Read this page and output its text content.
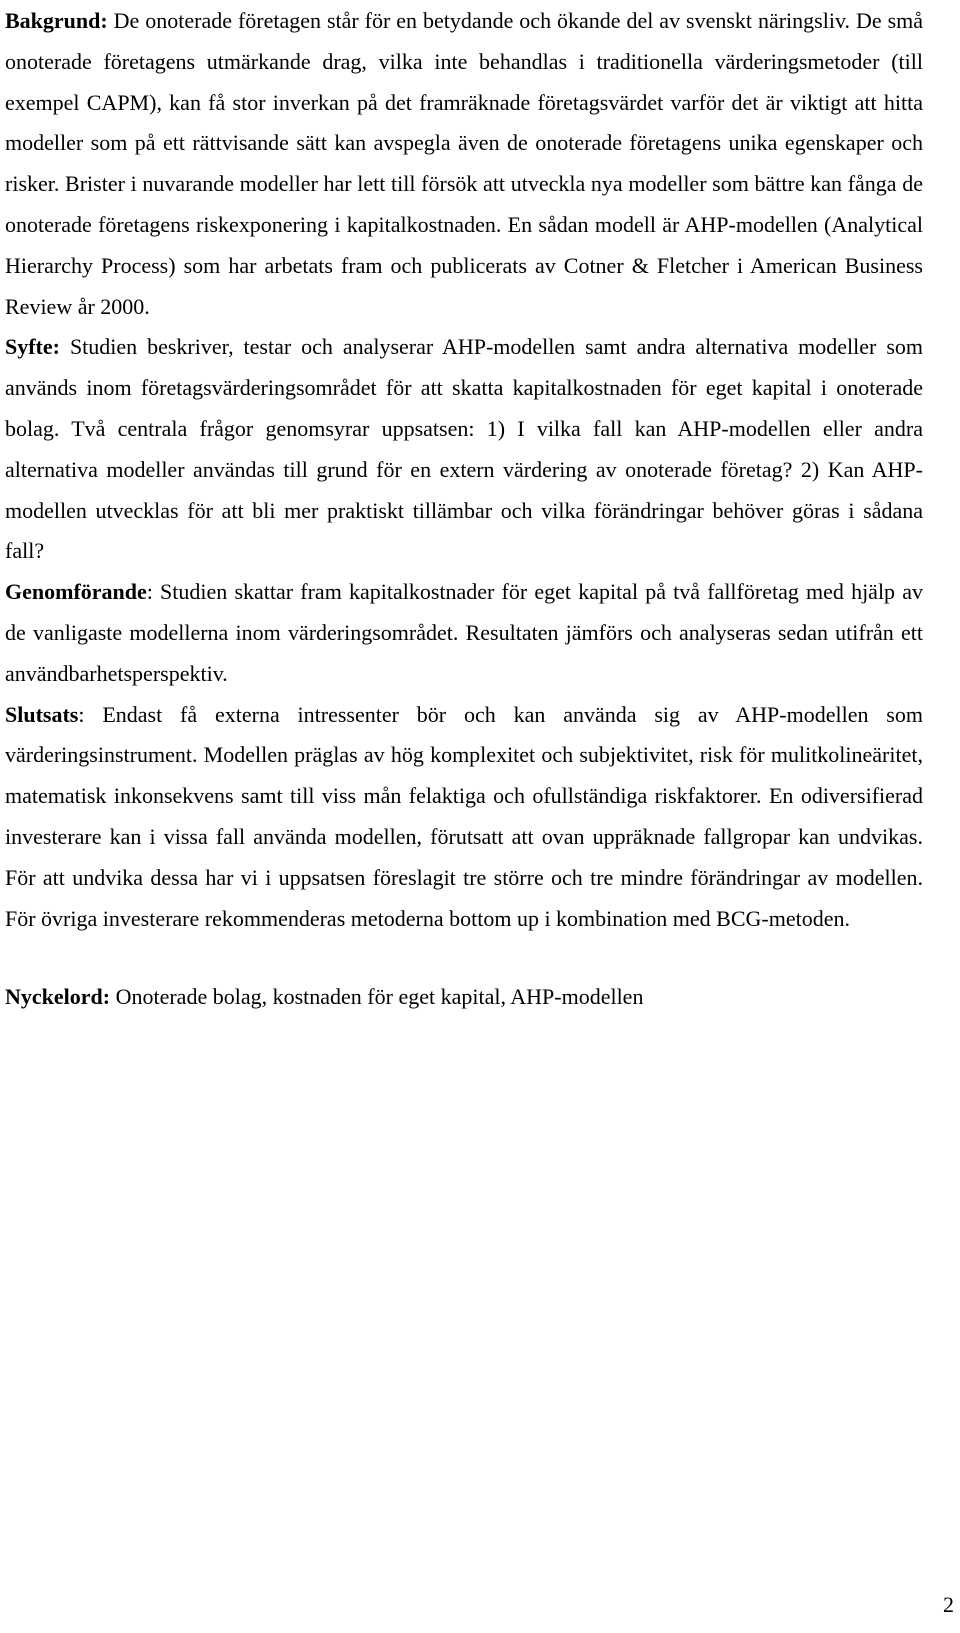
Bakgrund: De onoterade företagen står för en betydande och ökande del av svenskt näringsliv. De små onoterade företagens utmärkande drag, vilka inte behandlas i traditionella värderingsmetoder (till exempel CAPM), kan få stor inverkan på det framräknade företagsvärdet varför det är viktigt att hitta modeller som på ett rättvisande sätt kan avspegla även de onoterade företagens unika egenskaper och risker. Brister i nuvarande modeller har lett till försök att utveckla nya modeller som bättre kan fånga de onoterade företagens riskexponering i kapitalkostnaden. En sådan modell är AHP-modellen (Analytical Hierarchy Process) som har arbetats fram och publicerats av Cotner & Fletcher i American Business Review år 2000.

Syfte: Studien beskriver, testar och analyserar AHP-modellen samt andra alternativa modeller som används inom företagsvärderingsområdet för att skatta kapitalkostnaden för eget kapital i onoterade bolag. Två centrala frågor genomsyrar uppsatsen: 1) I vilka fall kan AHP-modellen eller andra alternativa modeller användas till grund för en extern värdering av onoterade företag? 2) Kan AHP-modellen utvecklas för att bli mer praktiskt tillämbar och vilka förändringar behöver göras i sådana fall?

Genomförande: Studien skattar fram kapitalkostnader för eget kapital på två fallföretag med hjälp av de vanligaste modellerna inom värderingsområdet. Resultaten jämförs och analyseras sedan utifrån ett användbarhetsperspektiv.

Slutsats: Endast få externa intressenter bör och kan använda sig av AHP-modellen som värderingsinstrument. Modellen präglas av hög komplexitet och subjektivitet, risk för mulitkolineäritet, matematisk inkonsekvens samt till viss mån felaktiga och ofullständiga riskfaktorer. En odiversifierad investerare kan i vissa fall använda modellen, förutsatt att ovan uppräknade fallgropar kan undvikas. För att undvika dessa har vi i uppsatsen föreslagit tre större och tre mindre förändringar av modellen. För övriga investerare rekommenderas metoderna bottom up i kombination med BCG-metoden.

Nyckelord: Onoterade bolag, kostnaden för eget kapital, AHP-modellen

2
